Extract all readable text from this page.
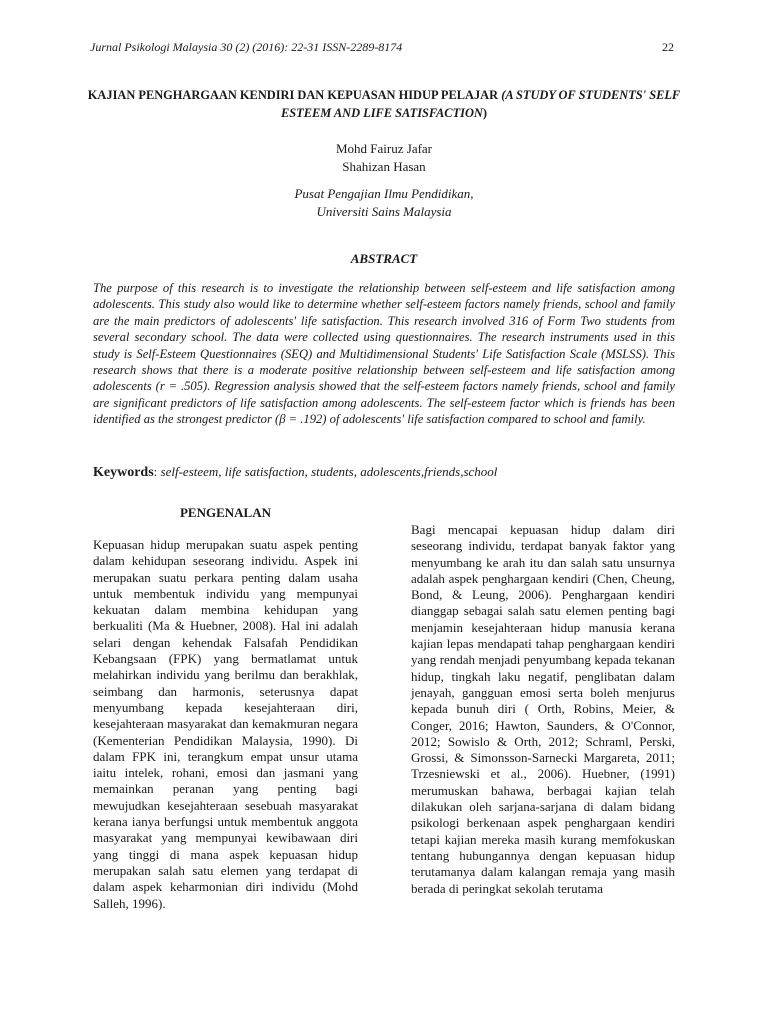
Jurnal Psikologi Malaysia 30 (2) (2016): 22-31 ISSN-2289-8174	22
KAJIAN PENGHARGAAN KENDIRI DAN KEPUASAN HIDUP PELAJAR (A STUDY OF STUDENTS' SELF ESTEEM AND LIFE SATISFACTION)
Mohd Fairuz Jafar
Shahizan Hasan
Pusat Pengajian Ilmu Pendidikan,
Universiti Sains Malaysia
ABSTRACT
The purpose of this research is to investigate the relationship between self-esteem and life satisfaction among adolescents. This study also would like to determine whether self-esteem factors namely friends, school and family are the main predictors of adolescents' life satisfaction. This research involved 316 of Form Two students from several secondary school. The data were collected using questionnaires. The research instruments used in this study is Self-Esteem Questionnaires (SEQ) and Multidimensional Students' Life Satisfaction Scale (MSLSS). This research shows that there is a moderate positive relationship between self-esteem and life satisfaction among adolescents (r = .505). Regression analysis showed that the self-esteem factors namely friends, school and family are significant predictors of life satisfaction among adolescents. The self-esteem factor which is friends has been identified as the strongest predictor (β = .192) of adolescents' life satisfaction compared to school and family.
Keywords: self-esteem, life satisfaction, students, adolescents,friends,school
PENGENALAN
Kepuasan hidup merupakan suatu aspek penting dalam kehidupan seseorang individu. Aspek ini merupakan suatu perkara penting dalam usaha untuk membentuk individu yang mempunyai kekuatan dalam membina kehidupan yang berkualiti (Ma & Huebner, 2008). Hal ini adalah selari dengan kehendak Falsafah Pendidikan Kebangsaan (FPK) yang bermatlamat untuk melahirkan individu yang berilmu dan berakhlak, seimbang dan harmonis, seterusnya dapat menyumbang kepada kesejahteraan diri, kesejahteraan masyarakat dan kemakmuran negara (Kementerian Pendidikan Malaysia, 1990). Di dalam FPK ini, terangkum empat unsur utama iaitu intelek, rohani, emosi dan jasmani yang memainkan peranan yang penting bagi mewujudkan kesejahteraan sesebuah masyarakat kerana ianya berfungsi untuk membentuk anggota masyarakat yang mempunyai kewibawaan diri yang tinggi di mana aspek kepuasan hidup merupakan salah satu elemen yang terdapat di dalam aspek keharmonian diri individu (Mohd Salleh, 1996).
Bagi mencapai kepuasan hidup dalam diri seseorang individu, terdapat banyak faktor yang menyumbang ke arah itu dan salah satu unsurnya adalah aspek penghargaan kendiri (Chen, Cheung, Bond, & Leung, 2006). Penghargaan kendiri dianggap sebagai salah satu elemen penting bagi menjamin kesejahteraan hidup manusia kerana kajian lepas mendapati tahap penghargaan kendiri yang rendah menjadi penyumbang kepada tekanan hidup, tingkah laku negatif, penglibatan dalam jenayah, gangguan emosi serta boleh menjurus kepada bunuh diri ( Orth, Robins, Meier, & Conger, 2016; Hawton, Saunders, & O'Connor, 2012; Sowislo & Orth, 2012; Schraml, Perski, Grossi, & Simonsson-Sarnecki Margareta, 2011; Trzesniewski et al., 2006). Huebner, (1991) merumuskan bahawa, berbagai kajian telah dilakukan oleh sarjana-sarjana di dalam bidang psikologi berkenaan aspek penghargaan kendiri tetapi kajian mereka masih kurang memfokuskan tentang hubungannya dengan kepuasan hidup terutamanya dalam kalangan remaja yang masih berada di peringkat sekolah terutama
